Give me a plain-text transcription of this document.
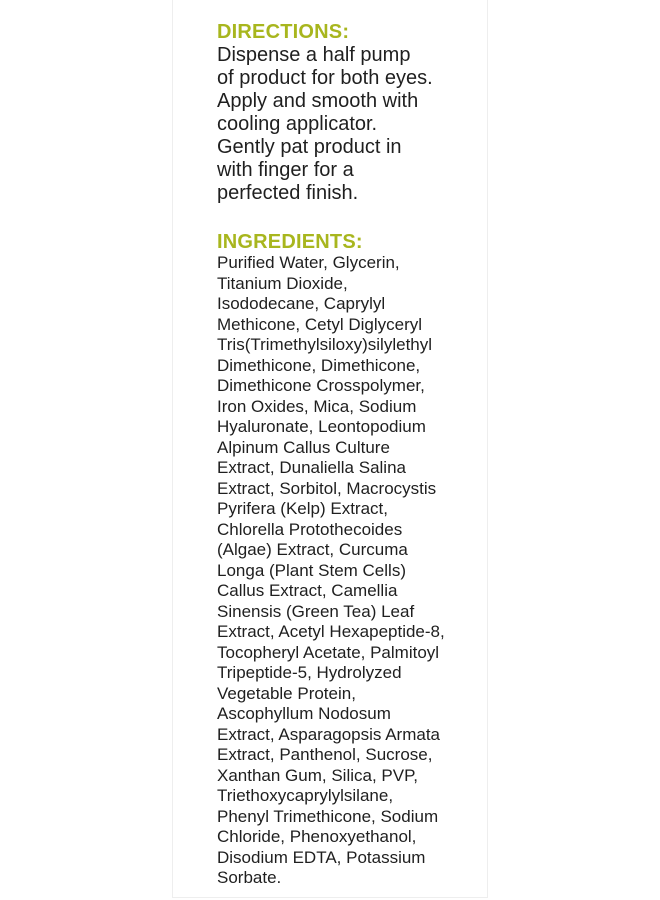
DIRECTIONS:

Dispense a half pump

of product for both eyes.

Apply and smooth with

cooling applicator.

Gently pat product in

with finger for a

perfected finish.

INGREDIENTS:

Purified Water, Glycerin,

Titanium Dioxide,

Isododecane, Caprylyl

Methicone, Cetyl Diglyceryl

Tris(Trimethylsiloxy)silylethyl

Dimethicone, Dimethicone,

Dimethicone Crosspolymer,

Iron Oxides, Mica, Sodium

Hyaluronate, Leontopodium

Alpinum Callus Culture

Extract, Dunaliella Salina

Extract, Sorbitol, Macrocystis

Pyrifera (Kelp) Extract,

Chlorella Protothecoides

(Algae) Extract, Curcuma

Longa (Plant Stem Cells)

Callus Extract, Camellia

Sinensis (Green Tea) Leaf

Extract, Acetyl Hexapeptide-8,

Tocopheryl Acetate, Palmitoyl

Tripeptide-5, Hydrolyzed

Vegetable Protein,

Ascophyllum Nodosum

Extract, Asparagopsis Armata

Extract, Panthenol, Sucrose,

Xanthan Gum, Silica, PVP,

Triethoxycaprylylsilane,

Phenyl Trimethicone, Sodium

Chloride, Phenoxyethanol,

Disodium EDTA, Potassium

Sorbate.
